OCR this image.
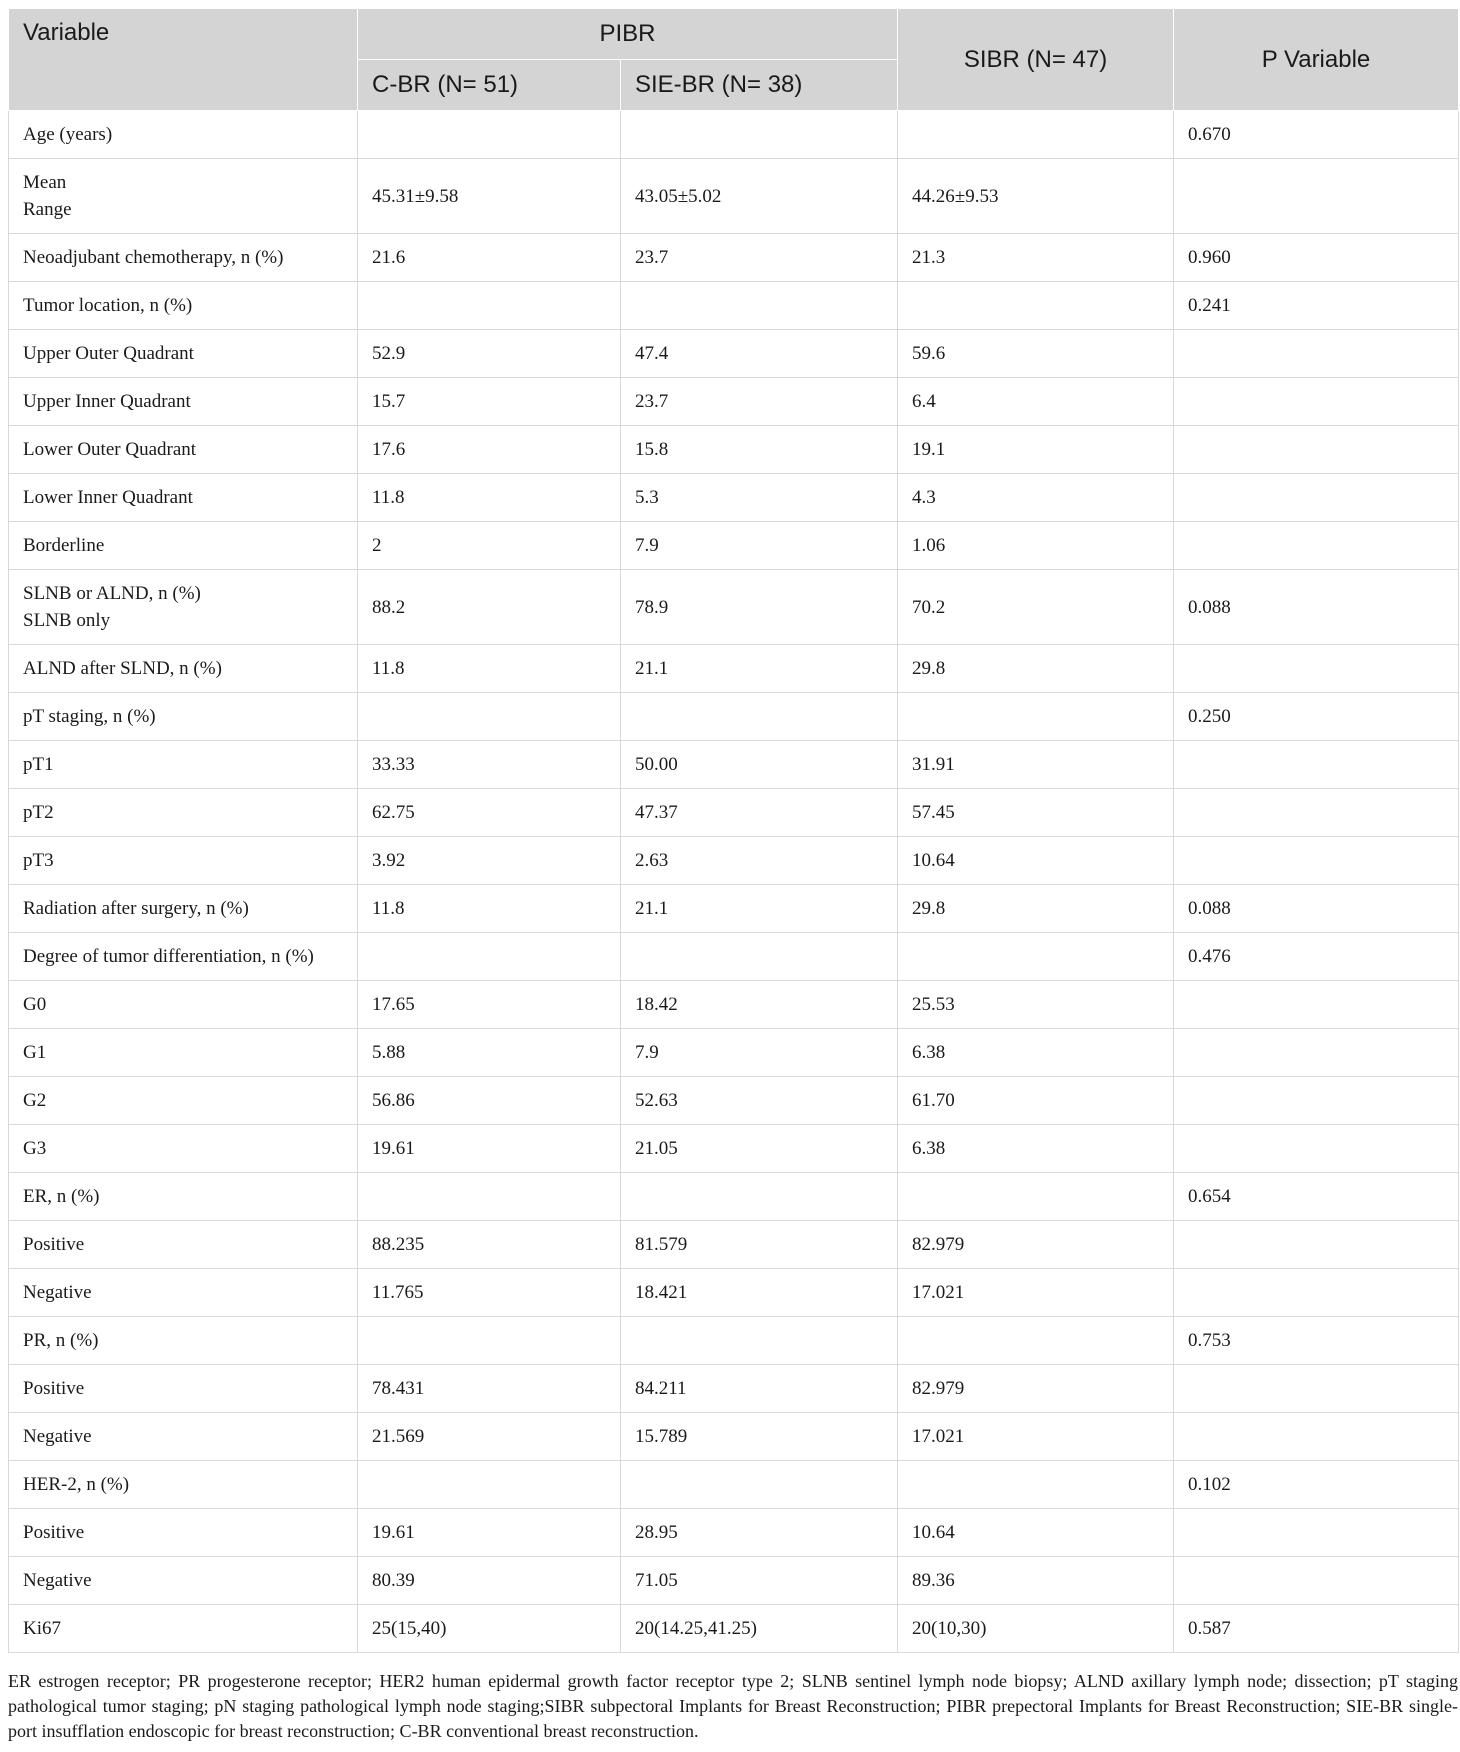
Variable	PIBR		SIBR (N= 47)	P Variable
	C-BR (N= 51)	SIE-BR (N= 38)		

Age (years)				0.670

Mean
Range	45.31±9.58	43.05±5.02	44.26±9.53	

Neoadjubant chemotherapy, n (%)	21.6	23.7	21.3	0.960

Tumor location, n (%)				0.241

Upper Outer Quadrant	52.9	47.4	59.6	

Upper Inner Quadrant	15.7	23.7	6.4	

Lower Outer Quadrant	17.6	15.8	19.1	

Lower Inner Quadrant	11.8	5.3	4.3	

Borderline	2	7.9	1.06	

SLNB or ALND, n (%)
SLNB only	88.2	78.9	70.2	0.088

ALND after SLND, n (%)	11.8	21.1	29.8	

pT staging, n (%)				0.250

pT1	33.33	50.00	31.91	

pT2	62.75	47.37	57.45	

pT3	3.92	2.63	10.64	

Radiation after surgery, n (%)	11.8	21.1	29.8	0.088

Degree of tumor differentiation, n (%)				0.476

G0	17.65	18.42	25.53	

G1	5.88	7.9	6.38	

G2	56.86	52.63	61.70	

G3	19.61	21.05	6.38	

ER, n (%)				0.654

Positive	88.235	81.579	82.979	

Negative	11.765	18.421	17.021	

PR, n (%)				0.753

Positive	78.431	84.211	82.979	

Negative	21.569	15.789	17.021	

HER-2, n (%)				0.102

Positive	19.61	28.95	10.64	

Negative	80.39	71.05	89.36	

Ki67	25(15,40)	20(14.25,41.25)	20(10,30)	0.587
ER estrogen receptor; PR progesterone receptor; HER2 human epidermal growth factor receptor type 2; SLNB sentinel lymph node biopsy; ALND axillary lymph node; dissection; pT staging pathological tumor staging; pN staging pathological lymph node staging;SIBR subpectoral Implants for Breast Reconstruction; PIBR prepectoral Implants for Breast Reconstruction; SIE-BR single-port insufflation endoscopic for breast reconstruction; C-BR conventional breast reconstruction.
